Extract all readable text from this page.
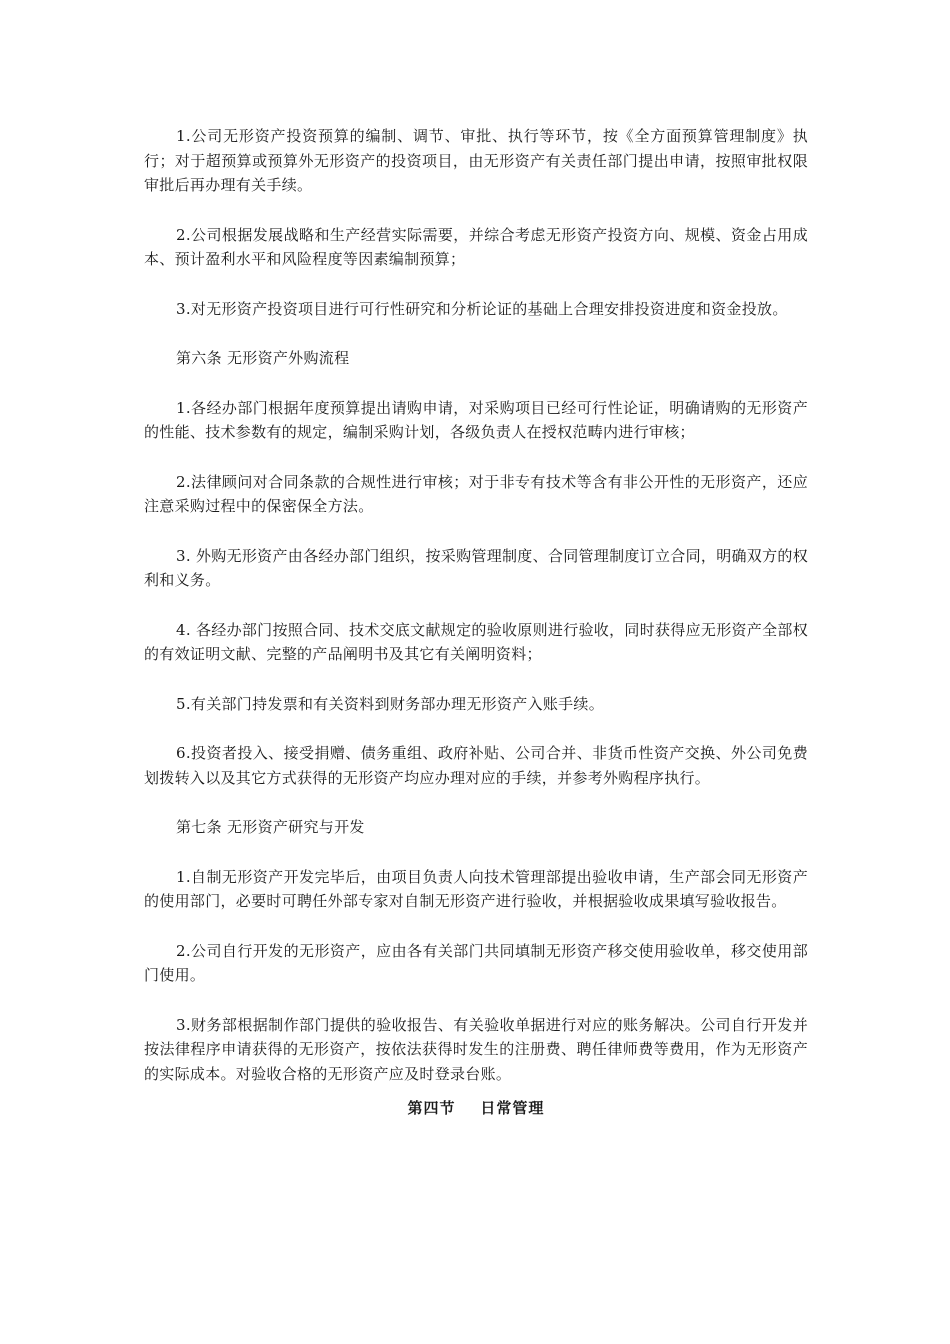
1.公司无形资产投资预算的编制、调节、审批、执行等环节，按《全方面预算管理制度》执行；对于超预算或预算外无形资产的投资项目，由无形资产有关责任部门提出申请，按照审批权限审批后再办理有关手续。

2.公司根据发展战略和生产经营实际需要，并综合考虑无形资产投资方向、规模、资金占用成本、预计盈利水平和风险程度等因素编制预算；

3.对无形资产投资项目进行可行性研究和分析论证的基础上合理安排投资进度和资金投放。

第六条 无形资产外购流程

1.各经办部门根据年度预算提出请购申请，对采购项目已经可行性论证，明确请购的无形资产的性能、技术参数有的规定，编制采购计划，各级负责人在授权范畴内进行审核；

2.法律顾问对合同条款的合规性进行审核；对于非专有技术等含有非公开性的无形资产，还应注意采购过程中的保密保全方法。

3. 外购无形资产由各经办部门组织，按采购管理制度、合同管理制度订立合同，明确双方的权利和义务。

4. 各经办部门按照合同、技术交底文献规定的验收原则进行验收，同时获得应无形资产全部权的有效证明文献、完整的产品阐明书及其它有关阐明资料；

5.有关部门持发票和有关资料到财务部办理无形资产入账手续。

6.投资者投入、接受捐赠、债务重组、政府补贴、公司合并、非货币性资产交换、外公司免费划拨转入以及其它方式获得的无形资产均应办理对应的手续，并参考外购程序执行。

第七条 无形资产研究与开发

1.自制无形资产开发完毕后，由项目负责人向技术管理部提出验收申请，生产部会同无形资产的使用部门，必要时可聘任外部专家对自制无形资产进行验收，并根据验收成果填写验收报告。

2.公司自行开发的无形资产，应由各有关部门共同填制无形资产移交使用验收单，移交使用部门使用。

3.财务部根据制作部门提供的验收报告、有关验收单据进行对应的账务解决。公司自行开发并按法律程序申请获得的无形资产，按依法获得时发生的注册费、聘任律师费等费用，作为无形资产的实际成本。对验收合格的无形资产应及时登录台账。

第四节    日常管理
